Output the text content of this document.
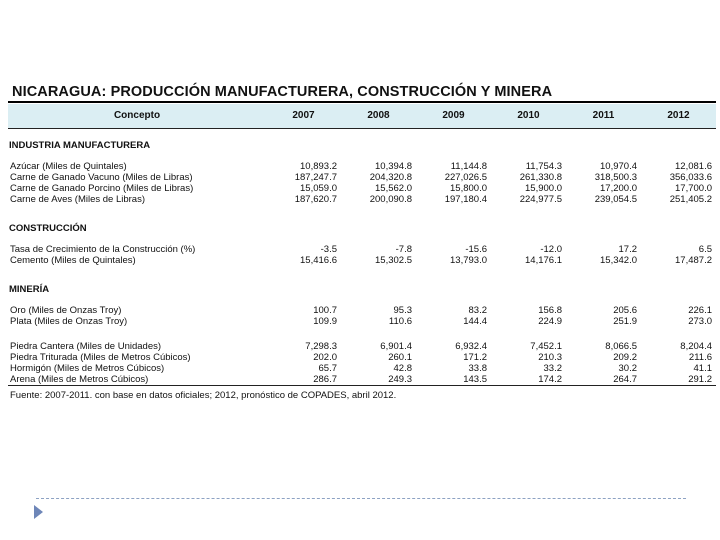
NICARAGUA: PRODUCCIÓN MANUFACTURERA, CONSTRUCCIÓN Y MINERA
Concepto	2007	2008	2009	2010	2011	2012

INDUSTRIA MANUFACTURERA						
Azúcar (Miles de Quintales)	10,893.2	10,394.8	11,144.8	11,754.3	10,970.4	12,081.6
Carne de Ganado Vacuno (Miles de Libras)	187,247.7	204,320.8	227,026.5	261,330.8	318,500.3	356,033.6
Carne de Ganado Porcino (Miles de Libras)	15,059.0	15,562.0	15,800.0	15,900.0	17,200.0	17,700.0
Carne de Aves (Miles de Libras)	187,620.7	200,090.8	197,180.4	224,977.5	239,054.5	251,405.2

CONSTRUCCIÓN						
Tasa de Crecimiento de la Construcción (%)	-3.5	-7.8	-15.6	-12.0	17.2	6.5
Cemento (Miles de Quintales)	15,416.6	15,302.5	13,793.0	14,176.1	15,342.0	17,487.2

MINERÍA						
Oro (Miles de Onzas Troy)	100.7	95.3	83.2	156.8	205.6	226.1
Plata (Miles de Onzas Troy)	109.9	110.6	144.4	224.9	251.9	273.0

Piedra Cantera (Miles de Unidades)	7,298.3	6,901.4	6,932.4	7,452.1	8,066.5	8,204.4
Piedra Triturada (Miles de Metros Cúbicos)	202.0	260.1	171.2	210.3	209.2	211.6
Hormigón (Miles de Metros Cúbicos)	65.7	42.8	33.8	33.2	30.2	41.1
Arena (Miles de Metros Cúbicos)	286.7	249.3	143.5	174.2	264.7	291.2
Fuente: 2007-2011. con base en datos oficiales; 2012, pronóstico de COPADES, abril 2012.
